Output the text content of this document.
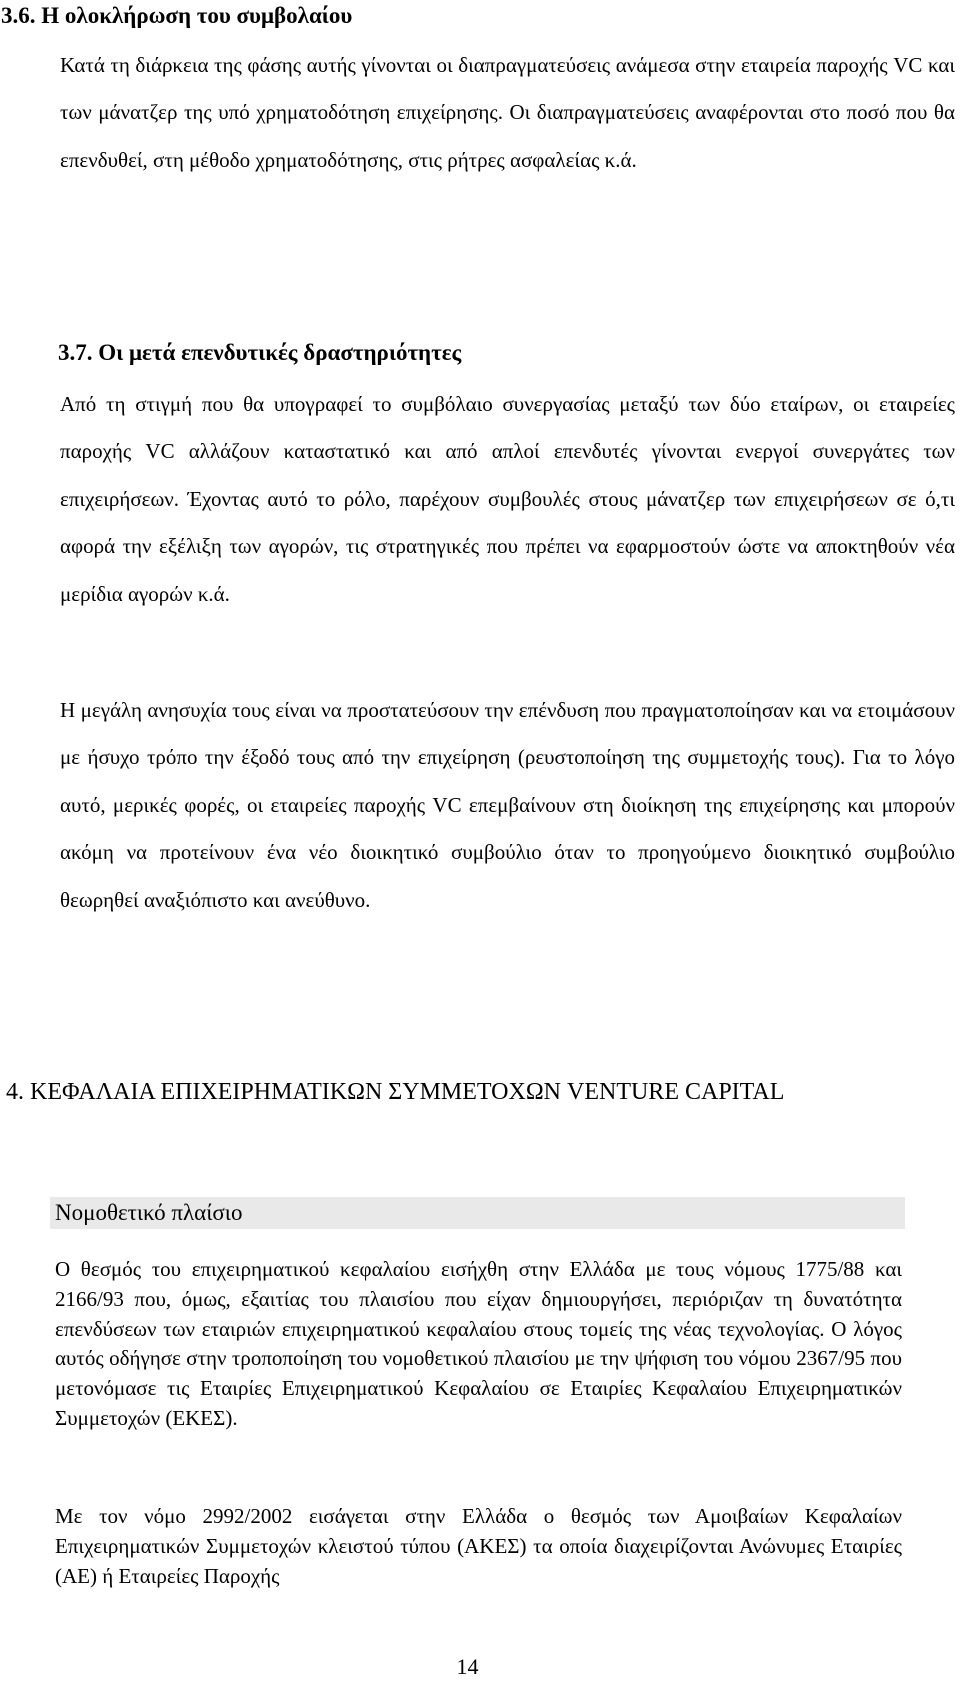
3.6. Η ολοκλήρωση του συμβολαίου

Κατά τη διάρκεια της φάσης αυτής γίνονται οι διαπραγματεύσεις ανάμεσα στην εταιρεία παροχής VC και των μάνατζερ της υπό χρηματοδότηση επιχείρησης. Οι διαπραγματεύσεις αναφέρονται στο ποσό που θα επενδυθεί, στη μέθοδο χρηματοδότησης, στις ρήτρες ασφαλείας κ.ά.

3.7. Οι μετά επενδυτικές δραστηριότητες

Από τη στιγμή που θα υπογραφεί το συμβόλαιο συνεργασίας μεταξύ των δύο εταίρων, οι εταιρείες παροχής VC αλλάζουν καταστατικό και από απλοί επενδυτές γίνονται ενεργοί συνεργάτες των επιχειρήσεων. Έχοντας αυτό το ρόλο, παρέχουν συμβουλές στους μάνατζερ των επιχειρήσεων σε ό,τι αφορά την εξέλιξη των αγορών, τις στρατηγικές που πρέπει να εφαρμοστούν ώστε να αποκτηθούν νέα μερίδια αγορών κ.ά.

Η μεγάλη ανησυχία τους είναι να προστατεύσουν την επένδυση που πραγματοποίησαν και να ετοιμάσουν με ήσυχο τρόπο την έξοδό τους από την επιχείρηση (ρευστοποίηση της συμμετοχής τους). Για το λόγο αυτό, μερικές φορές, οι εταιρείες παροχής VC επεμβαίνουν στη διοίκηση της επιχείρησης και μπορούν ακόμη να προτείνουν ένα νέο διοικητικό συμβούλιο όταν το προηγούμενο διοικητικό συμβούλιο θεωρηθεί αναξιόπιστο και ανεύθυνο.

4. ΚΕΦΑΛΑΙΑ ΕΠΙΧΕΙΡΗΜΑΤΙΚΩΝ ΣΥΜΜΕΤΟΧΩΝ VENTURE CAPITAL
Νομοθετικό πλαίσιο

Ο θεσμός του επιχειρηματικού κεφαλαίου εισήχθη στην Ελλάδα με τους νόμους 1775/88 και 2166/93 που, όμως, εξαιτίας του πλαισίου που είχαν δημιουργήσει, περιόριζαν τη δυνατότητα επενδύσεων των εταιριών επιχειρηματικού κεφαλαίου στους τομείς της νέας τεχνολογίας. Ο λόγος αυτός οδήγησε στην τροποποίηση του νομοθετικού πλαισίου με την ψήφιση του νόμου 2367/95 που μετονόμασε τις Εταιρίες Επιχειρηματικού Κεφαλαίου σε Εταιρίες Κεφαλαίου Επιχειρηματικών Συμμετοχών (ΕΚΕΣ).

Με τον νόμο 2992/2002 εισάγεται στην Ελλάδα ο θεσμός των Αμοιβαίων Κεφαλαίων Επιχειρηματικών Συμμετοχών κλειστού τύπου (ΑΚΕΣ) τα οποία διαχειρίζονται Ανώνυμες Εταιρίες (ΑΕ) ή Εταιρείες Παροχής

14
